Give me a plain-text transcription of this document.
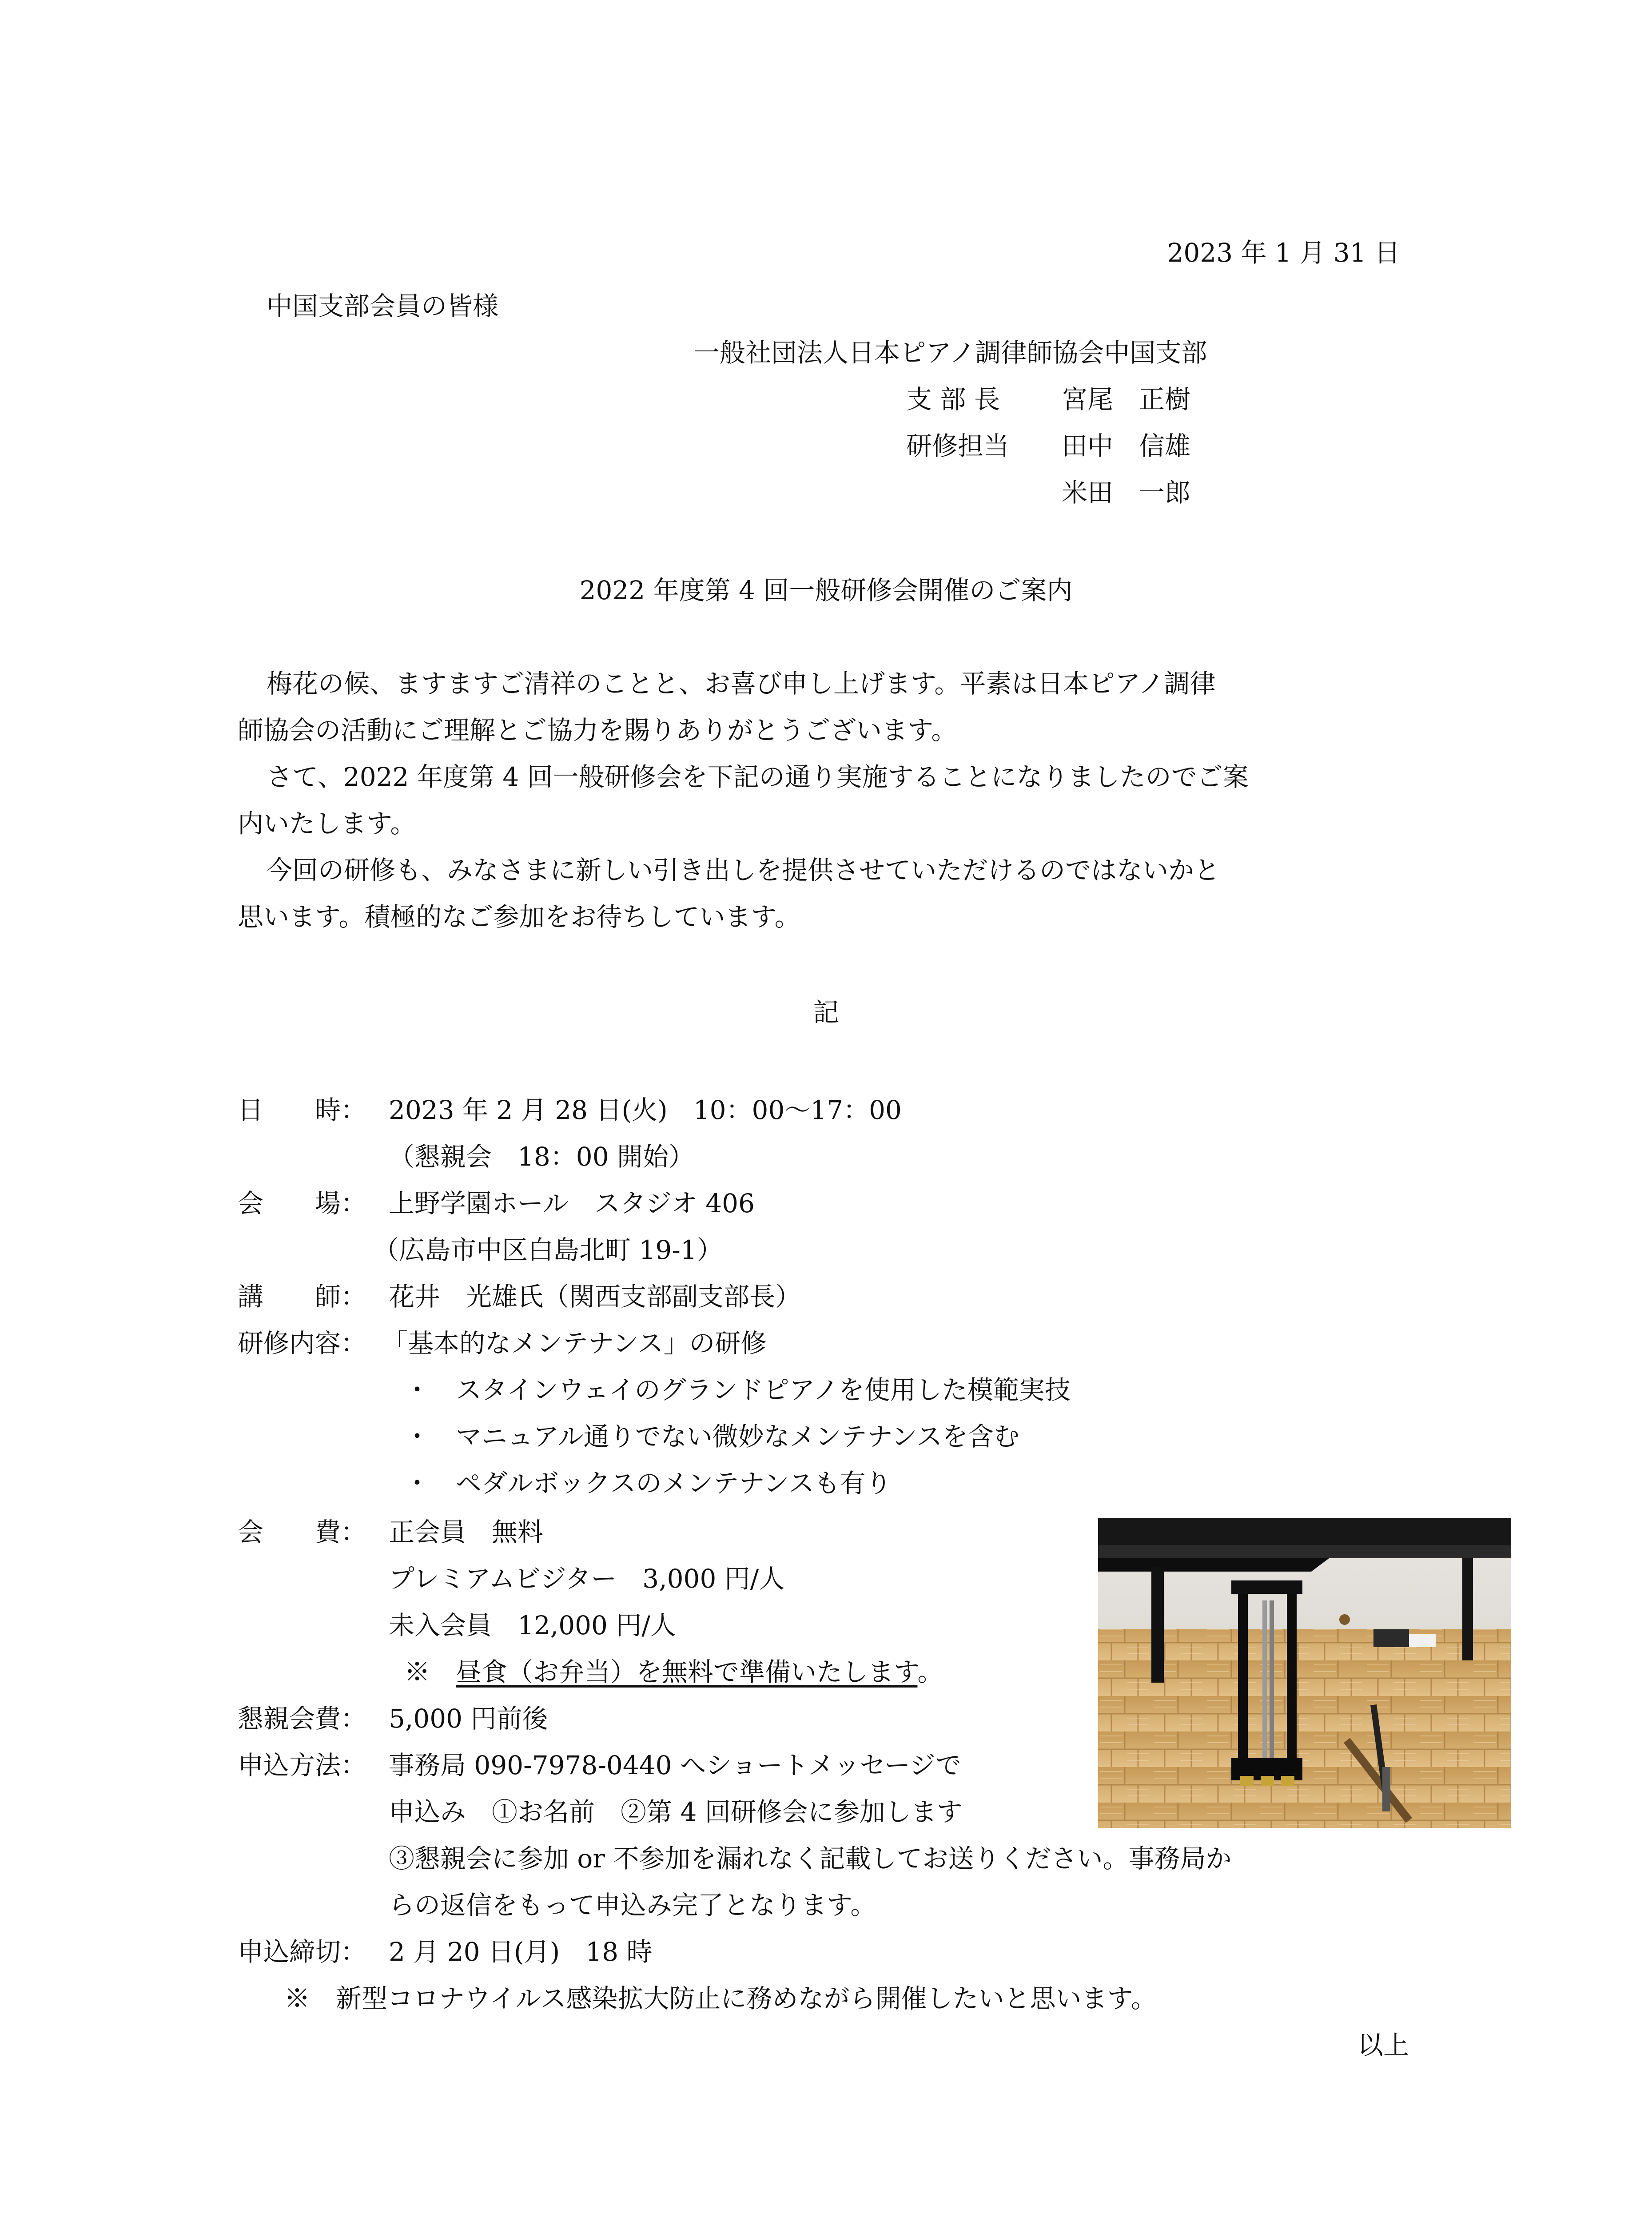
2023 年 1 月 31 日
中国支部会員の皆様
一般社団法人日本ピアノ調律師協会中国支部
支 部 長 宮尾　正樹
研修担当 田中　信雄
米田　一郎
2022 年度第 4 回一般研修会開催のご案内
梅花の候、ますますご清祥のことと、お喜び申し上げます。平素は日本ピアノ調律
師協会の活動にご理解とご協力を賜りありがとうございます。
さて、2022 年度第 4 回一般研修会を下記の通り実施することになりましたのでご案
内いたします。
今回の研修も、みなさまに新しい引き出しを提供させていただけるのではないかと
思います。積極的なご参加をお待ちしています。
記
日　　時： 2023 年 2 月 28 日(火)　10：00～17：00
（懇親会　18：00 開始）
会　　場： 上野学園ホール　スタジオ 406
（広島市中区白島北町 19-1）
講　　師： 花井　光雄氏（関西支部副支部長）
研修内容： 「基本的なメンテナンス」の研修
・　スタインウェイのグランドピアノを使用した模範実技
・　マニュアル通りでない微妙なメンテナンスを含む
・　ペダルボックスのメンテナンスも有り
会　　費： 正会員　無料
プレミアムビジター　3,000 円/人
未入会員　12,000 円/人
※　 昼食（お弁当）を無料で準備いたします。
懇親会費： 5,000 円前後
申込方法： 事務局 090-7978-0440 へショートメッセージで
申込み　①お名前　②第 4 回研修会に参加します
③懇親会に参加 or 不参加を漏れなく記載してお送りください。事務局か
らの返信をもって申込み完了となります。
申込締切： 2 月 20 日(月)　18 時
※　新型コロナウイルス感染拡大防止に務めながら開催したいと思います。
以上
